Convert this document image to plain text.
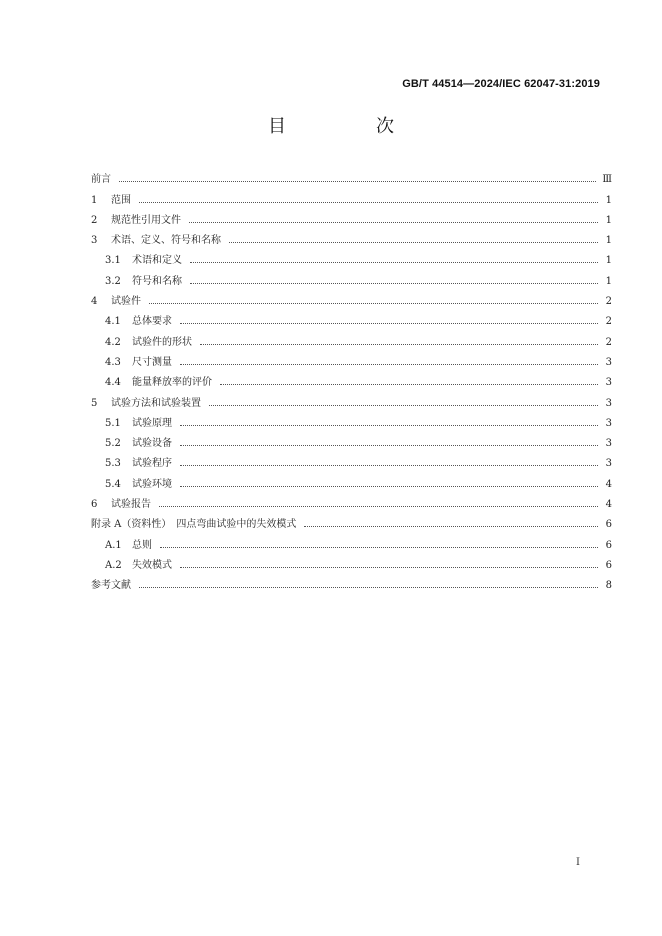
GB/T 44514—2024/IEC 62047-31:2019
目　次
前言	Ⅲ
1	范围	1
2	规范性引用文件	1
3	术语、定义、符号和名称	1
3.1	术语和定义	1
3.2	符号和名称	1
4	试验件	2
4.1	总体要求	2
4.2	试验件的形状	2
4.3	尺寸测量	3
4.4	能量释放率的评价	3
5	试验方法和试验装置	3
5.1	试验原理	3
5.2	试验设备	3
5.3	试验程序	3
5.4	试验环境	4
6	试验报告	4
附录 A（资料性）　四点弯曲试验中的失效模式	6
A.1	总则	6
A.2	失效模式	6
参考文献	8
Ⅰ
